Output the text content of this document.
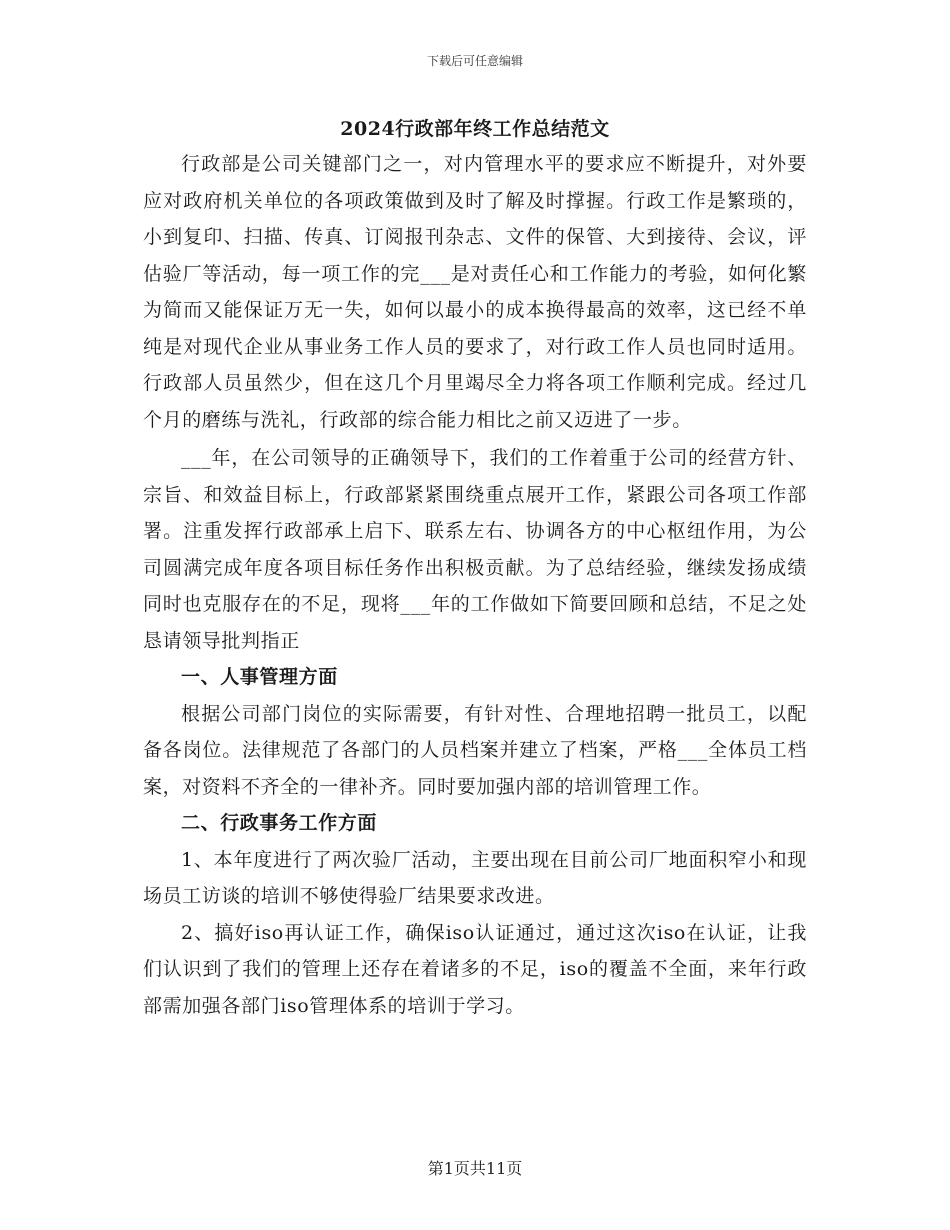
下载后可任意编辑
2024行政部年终工作总结范文

行政部是公司关键部门之一，对内管理水平的要求应不断提升，对外要应对政府机关单位的各项政策做到及时了解及时撑握。行政工作是繁琐的，小到复印、扫描、传真、订阅报刊杂志、文件的保管、大到接待、会议，评估验厂等活动，每一项工作的完___是对责任心和工作能力的考验，如何化繁为简而又能保证万无一失，如何以最小的成本换得最高的效率，这已经不单纯是对现代企业从事业务工作人员的要求了，对行政工作人员也同时适用。行政部人员虽然少，但在这几个月里竭尽全力将各项工作顺利完成。经过几个月的磨练与洗礼，行政部的综合能力相比之前又迈进了一步。

___年，在公司领导的正确领导下，我们的工作着重于公司的经营方针、宗旨、和效益目标上，行政部紧紧围绕重点展开工作，紧跟公司各项工作部署。注重发挥行政部承上启下、联系左右、协调各方的中心枢纽作用，为公司圆满完成年度各项目标任务作出积极贡献。为了总结经验，继续发扬成绩同时也克服存在的不足，现将___年的工作做如下简要回顾和总结，不足之处恳请领导批判指正

一、人事管理方面

根据公司部门岗位的实际需要，有针对性、合理地招聘一批员工，以配备各岗位。法律规范了各部门的人员档案并建立了档案，严格___全体员工档案，对资料不齐全的一律补齐。同时要加强内部的培训管理工作。

二、行政事务工作方面

1、本年度进行了两次验厂活动，主要出现在目前公司厂地面积窄小和现场员工访谈的培训不够使得验厂结果要求改进。

2、搞好iso再认证工作，确保iso认证通过，通过这次iso在认证，让我们认识到了我们的管理上还存在着诸多的不足，iso的覆盖不全面，来年行政部需加强各部门iso管理体系的培训于学习。

第1页共11页
